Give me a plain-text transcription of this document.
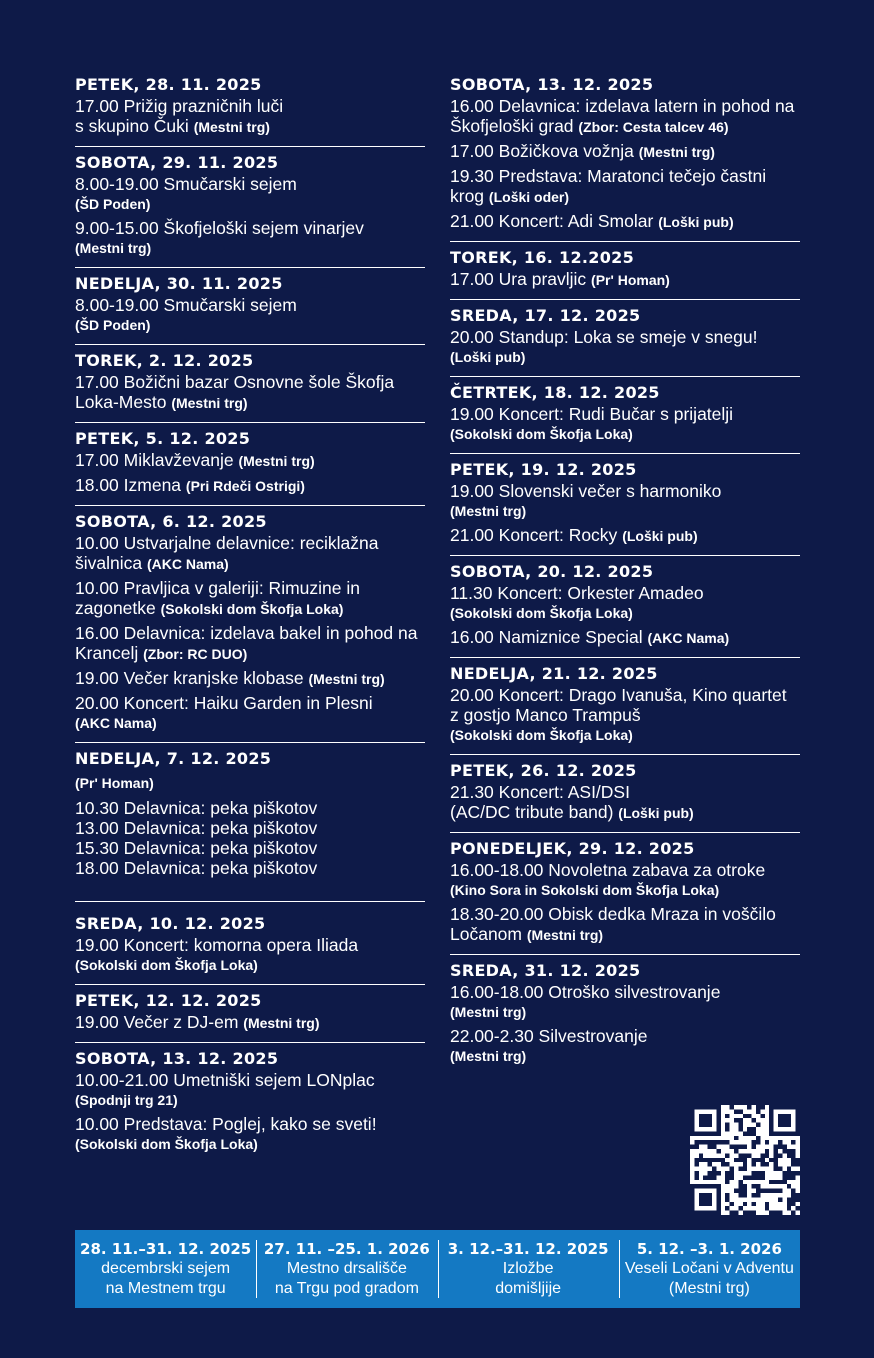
PETEK, 28. 11. 2025
17.00 Prižig prazničnih luči
s skupino Čuki (Mestni trg)
SOBOTA, 29. 11. 2025
8.00-19.00 Smučarski sejem
(ŠD Poden)
9.00-15.00 Škofjeloški sejem vinarjev
(Mestni trg)
NEDELJA, 30. 11. 2025
8.00-19.00 Smučarski sejem
(ŠD Poden)
TOREK, 2. 12. 2025
17.00 Božični bazar Osnovne šole Škofja Loka-Mesto (Mestni trg)
PETEK, 5. 12. 2025
17.00 Miklavževanje (Mestni trg)
18.00 Izmena (Pri Rdeči Ostrigi)
SOBOTA, 6. 12. 2025
10.00 Ustvarjalne delavnice: reciklažna šivalnica (AKC Nama)
10.00 Pravljica v galeriji: Rimuzine in zagonetke (Sokolski dom Škofja Loka)
16.00 Delavnica: izdelava bakel in pohod na Krancelj (Zbor: RC DUO)
19.00 Večer kranjske klobase (Mestni trg)
20.00 Koncert: Haiku Garden in Plesni
(AKC Nama)
NEDELJA, 7. 12. 2025
(Pr' Homan)
10.30 Delavnica: peka piškotov
13.00 Delavnica: peka piškotov
15.30 Delavnica: peka piškotov
18.00 Delavnica: peka piškotov
SREDA, 10. 12. 2025
19.00 Koncert: komorna opera Iliada
(Sokolski dom Škofja Loka)
PETEK, 12. 12. 2025
19.00 Večer z DJ-em (Mestni trg)
SOBOTA, 13. 12. 2025
10.00-21.00 Umetniški sejem LONplac
(Spodnji trg 21)
10.00 Predstava: Poglej, kako se sveti!
(Sokolski dom Škofja Loka)
SOBOTA, 13. 12. 2025
16.00 Delavnica: izdelava latern in pohod na Škofjeloški grad (Zbor: Cesta talcev 46)
17.00 Božičkova vožnja (Mestni trg)
19.30 Predstava: Maratonci tečejo častni krog (Loški oder)
21.00 Koncert: Adi Smolar (Loški pub)
TOREK, 16. 12.2025
17.00 Ura pravljic (Pr' Homan)
SREDA, 17. 12. 2025
20.00 Standup: Loka se smeje v snegu!
(Loški pub)
ČETRTEK, 18. 12. 2025
19.00 Koncert: Rudi Bučar s prijatelji
(Sokolski dom Škofja Loka)
PETEK, 19. 12. 2025
19.00 Slovenski večer s harmoniko
(Mestni trg)
21.00 Koncert: Rocky (Loški pub)
SOBOTA, 20. 12. 2025
11.30 Koncert: Orkester Amadeo
(Sokolski dom Škofja Loka)
16.00 Namiznice Special (AKC Nama)
NEDELJA, 21. 12. 2025
20.00 Koncert: Drago Ivanuša, Kino quartet z gostjo Manco Trampuš
(Sokolski dom Škofja Loka)
PETEK, 26. 12. 2025
21.30 Koncert: ASI/DSI
(AC/DC tribute band) (Loški pub)
PONEDELJEK, 29. 12. 2025
16.00-18.00 Novoletna zabava za otroke
(Kino Sora in Sokolski dom Škofja Loka)
18.30-20.00 Obisk dedka Mraza in voščilo Ločanom (Mestni trg)
SREDA, 31. 12. 2025
16.00-18.00 Otroško silvestrovanje
(Mestni trg)
22.00-2.30 Silvestrovanje
(Mestni trg)
28. 11.–31. 12. 2025
decembrski sejem
na Mestnem trgu
27. 11. –25. 1. 2026
Mestno drsališče
na Trgu pod gradom
3. 12.–31. 12. 2025
Izložbe
domišljije
5. 12. –3. 1. 2026
Veseli Ločani v Adventu
(Mestni trg)
